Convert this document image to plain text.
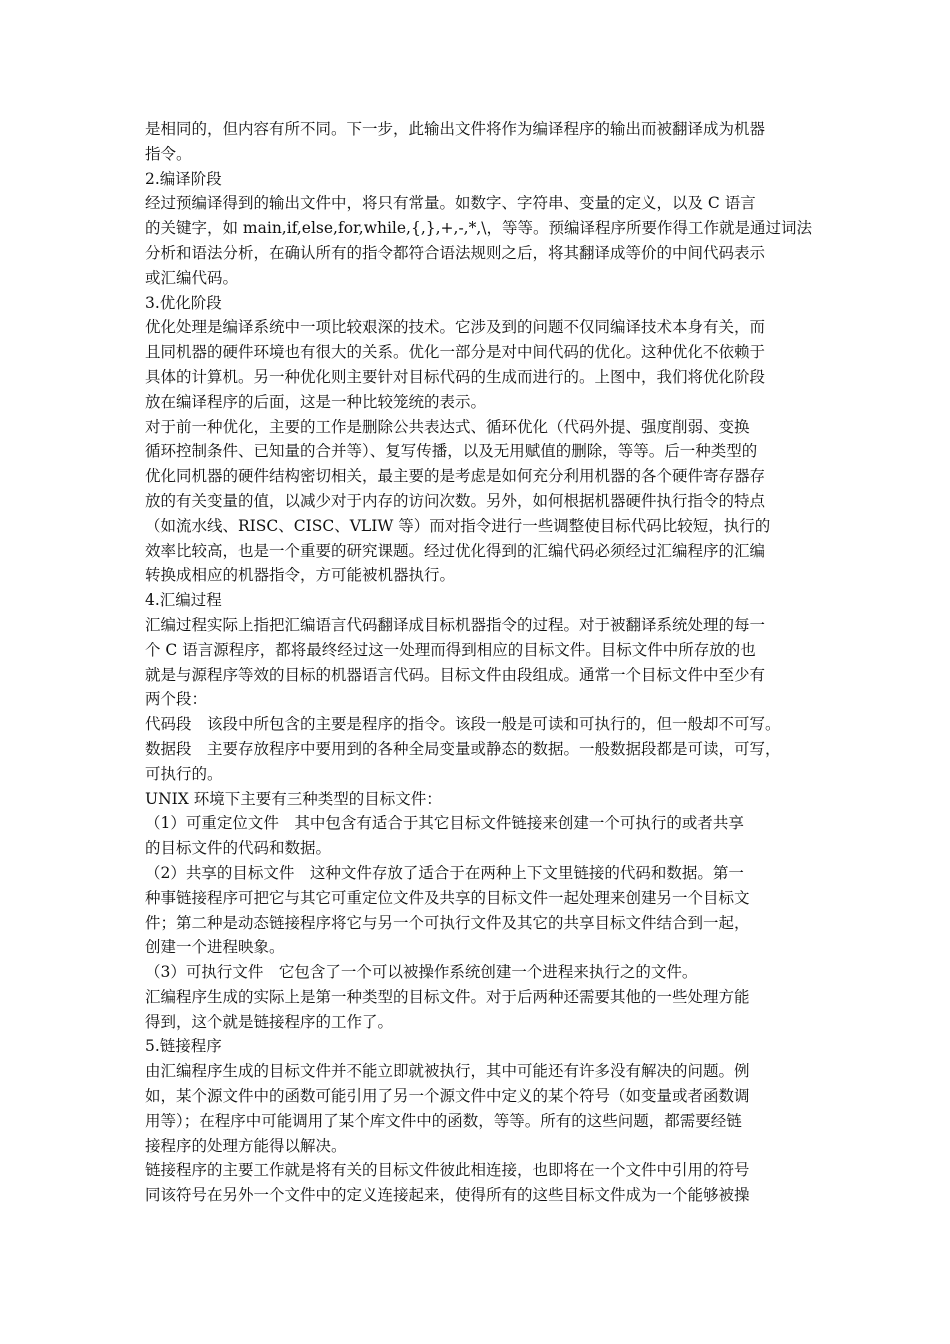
是相同的，但内容有所不同。下一步，此输出文件将作为编译程序的输出而被翻译成为机器
指令。
2.编译阶段
经过预编译得到的输出文件中，将只有常量。如数字、字符串、变量的定义，以及 C 语言
的关键字，如 main,if,else,for,while,{,},+,-,*,\，等等。预编译程序所要作得工作就是通过词法
分析和语法分析，在确认所有的指令都符合语法规则之后，将其翻译成等价的中间代码表示
或汇编代码。
3.优化阶段
优化处理是编译系统中一项比较艰深的技术。它涉及到的问题不仅同编译技术本身有关，而
且同机器的硬件环境也有很大的关系。优化一部分是对中间代码的优化。这种优化不依赖于
具体的计算机。另一种优化则主要针对目标代码的生成而进行的。上图中，我们将优化阶段
放在编译程序的后面，这是一种比较笼统的表示。
对于前一种优化，主要的工作是删除公共表达式、循环优化（代码外提、强度削弱、变换
循环控制条件、已知量的合并等）、复写传播，以及无用赋值的删除，等等。后一种类型的
优化同机器的硬件结构密切相关，最主要的是考虑是如何充分利用机器的各个硬件寄存器存
放的有关变量的值，以减少对于内存的访问次数。另外，如何根据机器硬件执行指令的特点
（如流水线、RISC、CISC、VLIW 等）而对指令进行一些调整使目标代码比较短，执行的
效率比较高，也是一个重要的研究课题。经过优化得到的汇编代码必须经过汇编程序的汇编
转换成相应的机器指令，方可能被机器执行。
4.汇编过程
汇编过程实际上指把汇编语言代码翻译成目标机器指令的过程。对于被翻译系统处理的每一
个 C 语言源程序，都将最终经过这一处理而得到相应的目标文件。目标文件中所存放的也
就是与源程序等效的目标的机器语言代码。目标文件由段组成。通常一个目标文件中至少有
两个段：
代码段　该段中所包含的主要是程序的指令。该段一般是可读和可执行的，但一般却不可写。
数据段　主要存放程序中要用到的各种全局变量或静态的数据。一般数据段都是可读，可写，
可执行的。
UNIX 环境下主要有三种类型的目标文件：
（1）可重定位文件　其中包含有适合于其它目标文件链接来创建一个可执行的或者共享
的目标文件的代码和数据。
（2）共享的目标文件　这种文件存放了适合于在两种上下文里链接的代码和数据。第一
种事链接程序可把它与其它可重定位文件及共享的目标文件一起处理来创建另一个目标文
件；第二种是动态链接程序将它与另一个可执行文件及其它的共享目标文件结合到一起，
创建一个进程映象。
（3）可执行文件　它包含了一个可以被操作系统创建一个进程来执行之的文件。
汇编程序生成的实际上是第一种类型的目标文件。对于后两种还需要其他的一些处理方能
得到，这个就是链接程序的工作了。
5.链接程序
由汇编程序生成的目标文件并不能立即就被执行，其中可能还有许多没有解决的问题。例
如，某个源文件中的函数可能引用了另一个源文件中定义的某个符号（如变量或者函数调
用等）；在程序中可能调用了某个库文件中的函数，等等。所有的这些问题，都需要经链
接程序的处理方能得以解决。
链接程序的主要工作就是将有关的目标文件彼此相连接，也即将在一个文件中引用的符号
同该符号在另外一个文件中的定义连接起来，使得所有的这些目标文件成为一个能够被操
